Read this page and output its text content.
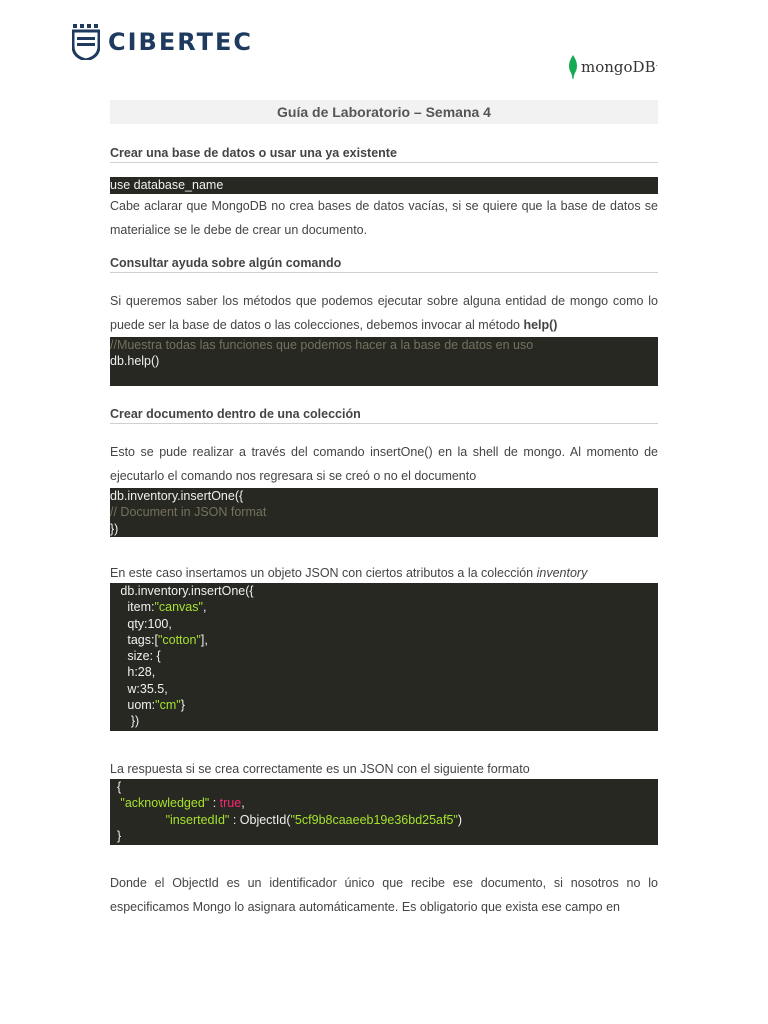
CIBERTEC
mongoDB.
Guía de Laboratorio – Semana 4
Crear una base de datos o usar una ya existente
use database_name

Cabe aclarar que MongoDB no crea bases de datos vacías, si se quiere que la base de datos se materialice se le debe de crear un documento.

Consultar ayuda sobre algún comando

Si queremos saber los métodos que podemos ejecutar sobre alguna entidad de mongo como lo puede ser la base de datos o las colecciones, debemos invocar al método help()

//Muestra todas las funciones que podemos hacer a la base de datos en uso
db.help()
Crear documento dentro de una colección

Esto se pude realizar a través del comando insertOne() en la shell de mongo. Al momento de ejecutarlo el comando nos regresara si se creó o no el documento

db.inventory.insertOne({
// Document in JSON format
})

En este caso insertamos un objeto JSON con ciertos atributos a la colección inventory

db.inventory.insertOne({
item:"canvas",
qty:100,
tags:["cotton"],
size: {
h:28,
w:35.5,
uom:"cm"}
})

La respuesta si se crea correctamente es un JSON con el siguiente formato

{
"acknowledged" : true,
"insertedId" : ObjectId("5cf9b8caaeeb19e36bd25af5")
}

Donde el ObjectId es un identificador único que recibe ese documento, si nosotros no lo especificamos Mongo lo asignara automáticamente. Es obligatorio que exista ese campo en
